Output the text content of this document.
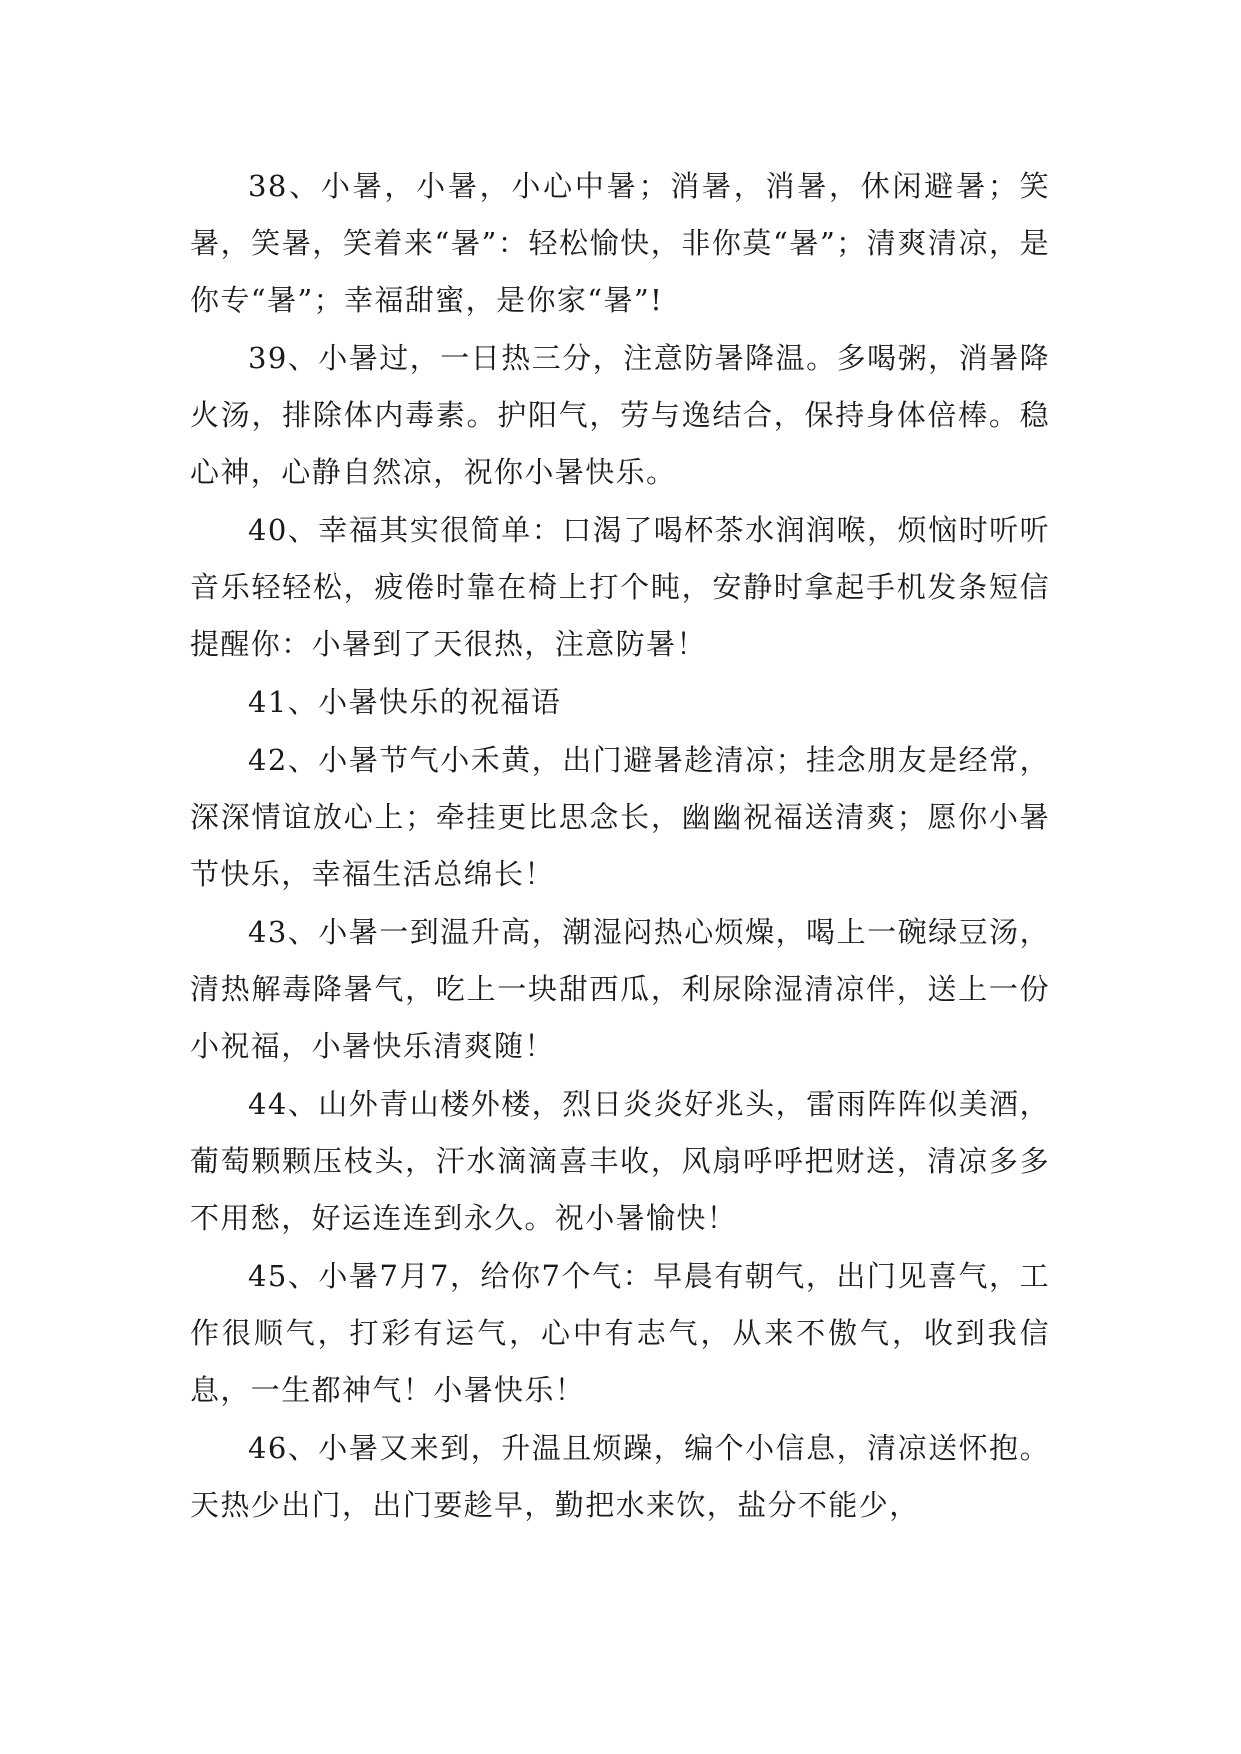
38、小暑，小暑，小心中暑；消暑，消暑，休闲避暑；笑暑，笑暑，笑着来“暑”：轻松愉快，非你莫“暑”；清爽清凉，是你专“暑”；幸福甜蜜，是你家“暑”!

39、小暑过，一日热三分，注意防暑降温。多喝粥，消暑降火汤，排除体内毒素。护阳气，劳与逸结合，保持身体倍棒。稳心神，心静自然凉，祝你小暑快乐。

40、幸福其实很简单：口渴了喝杯茶水润润喉，烦恼时听听音乐轻轻松，疲倦时靠在椅上打个盹，安静时拿起手机发条短信提醒你：小暑到了天很热，注意防暑！

41、小暑快乐的祝福语

42、小暑节气小禾黄，出门避暑趁清凉；挂念朋友是经常，深深情谊放心上；牵挂更比思念长，幽幽祝福送清爽；愿你小暑节快乐，幸福生活总绵长！

43、小暑一到温升高，潮湿闷热心烦燥，喝上一碗绿豆汤，清热解毒降暑气，吃上一块甜西瓜，利尿除湿清凉伴，送上一份小祝福，小暑快乐清爽随！

44、山外青山楼外楼，烈日炎炎好兆头，雷雨阵阵似美酒，葡萄颗颗压枝头，汗水滴滴喜丰收，风扇呼呼把财送，清凉多多不用愁，好运连连到永久。祝小暑愉快！

45、小暑7月7，给你7个气：早晨有朝气，出门见喜气，工作很顺气，打彩有运气，心中有志气，从来不傲气，收到我信息，一生都神气！小暑快乐！

46、小暑又来到，升温且烦躁，编个小信息，清凉送怀抱。天热少出门，出门要趁早，勤把水来饮，盐分不能少，
